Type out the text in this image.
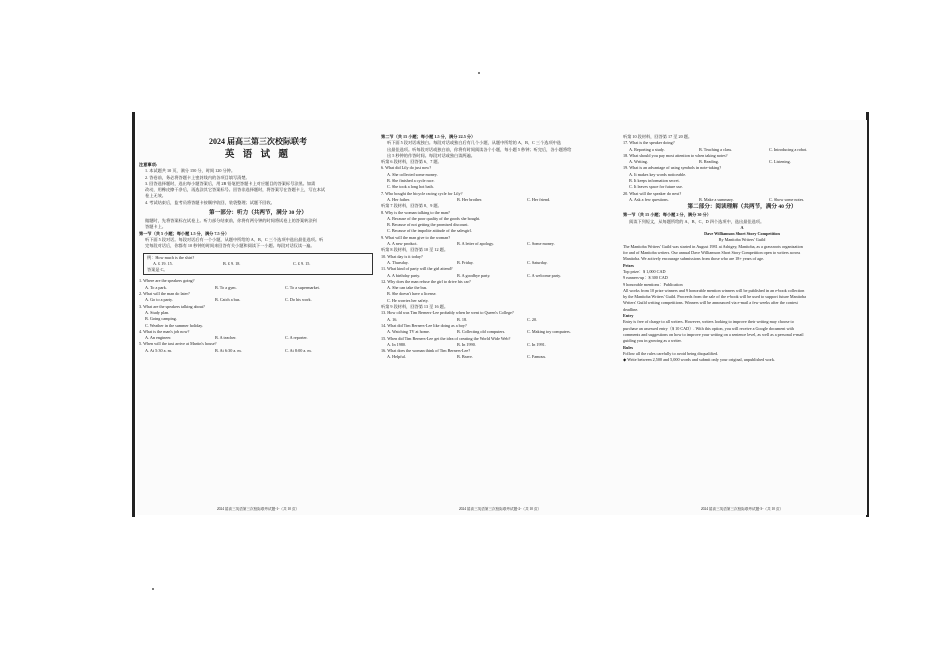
2024 届高三第三次校际联考

英 语 试 题

注意事项:

1. 本试题共 10 页，满分 150 分，时间 120 分钟。

2. 答卷前，务必将答题卡上密封线内的各项目填写清楚。

3. 回答选择题时，选出每小题答案后，用 2B 铅笔把答题卡上对应题目的答案标号涂黑。如需

改动，用橡皮擦干净后，再选涂其它答案标号。回答非选择题时，将答案写在答题卡上，写在本试

卷上无效。

4. 考试结束后，监考员将答题卡按顺序收回，装袋整理；试题不回收。

第一部分：听力（共两节，满分 30 分）

做题时，先将答案标在试卷上。听力部分结束前，你将有两分钟的时间将试卷上的答案转涂到

答题卡上。

第一节（共 5 小题；每小题 1.5 分，满分 7.5 分）

听下面 5 段对话。每段对话后有一个小题，从题中所给的 A、B、C 三个选项中选出最佳选项。听

完每段对话后，你都有 10 秒钟的时间来回答有关小题和阅读下一小题。每段对话仅读一遍。

例：How much is the shirt?

A. £ 19. 15.	B. £ 9. 18.	C. £ 9. 15.

答案是 C。

1. Where are the speakers going?

A. To a park.	B. To a gym.	C. To a supermarket.

2. What will the man do later?

A. Go to a party.	B. Catch a bus.	C. Do his work.

3. What are the speakers talking about?

A. Study plan.

B. Going camping.

C. Weather in the summer holiday.

4. What is the man's job now?

A. An engineer.	B. A teacher.	C. A reporter.

5. When will the taxi arrive at Martin's house?

A. At 5:30 a. m.	B. At 6:30 a. m.	C. At 8:00 a. m.
2024 届高三英语第三次校际联考试题-1-（共 10 页）

第二节（共 15 小题；每小题 1.5 分，满分 22.5 分）

听下面 5 段对话或独白。每段对话或独白后有几个小题，从题中所给的 A、B、C 三个选项中选

出最佳选项。听每段对话或独白前，你将有时间阅读各个小题，每小题 5 秒钟；听完后，各小题将给

出 5 秒钟的作答时间。每段对话或独白读两遍。

听第 6 段材料，回答第 6、7 题。

6. What did Lily do just now?

A. She collected some money.

B. She finished a cycle race.

C. She took a long hot bath.

7. Who bought the bicycle racing cycle for Lily?

A. Her father.	B. Her brother.	C. Her friend.

听第 7 段材料，回答第 8、9 题。

8. Why is the woman talking to the man?

A. Because of the poor quality of the goods she bought.

B. Because of not getting the promised discount.

C. Because of the impolite attitude of the salesgirl.

9. What will the man give to the woman?

A. A new product.	B. A letter of apology.	C. Some money.

听第 8 段材料，回答第 10 至 12 题。

10. What day is it today?

A. Thursday.	B. Friday.	C. Saturday.

11. What kind of party will the girl attend?

A. A birthday party.	B. A goodbye party.	C. A welcome party.

12. Why does the man refuse the girl to drive his car?

A. She can take the bus.

B. She doesn't have a license.

C. He worries her safety.

听第 9 段材料，回答第 13 至 16 题。

13. How old was Tim Berners-Lee probably when he went to Queen's College?

A. 16.	B. 18.	C. 20.

14. What did Tim Berners-Lee like doing as a boy?

A. Watching TV at home.	B. Collecting old computers.	C. Making toy computers.

15. When did Tim Berners-Lee get the idea of creating the World Wide Web?

A. In 1980.	B. In 1990.	C. In 1991.

16. What does the woman think of Tim Berners-Lee?

A. Helpful.	B. Brave.	C. Famous.
2024 届高三英语第三次校际联考试题-2-（共 10 页）

听第 10 段材料，回答第 17 至 20 题。

17. What is the speaker doing?

A. Reporting a study.	B. Teaching a class.	C. Introducing a robot.

18. What should you pay most attention to when taking notes?

A. Writing.	B. Reading.	C. Listening.

19. What is an advantage of using symbols in note-taking?

A. It makes key words noticeable.

B. It keeps information secret.

C. It leaves space for future use.

20. What will the speaker do next?

A. Ask a few questions.	B. Make a summary.	C. Show some notes.

第二部分：阅读理解（共两节，满分 40 分）

第一节（共 15 小题；每小题 2 分，满分 30 分）

阅读下列短文，从每题所给的 A、B、C、D 四个选项中，选出最佳选项。

A

Dave Williamson Short Story Competition

By Manitoba Writers' Guild

The Manitoba Writers' Guild was started in August 1981 at Ashtgey, Manitoba, as a grassroots organization

for and of Manitoba writers. Our annual Dave Williamson Short Story Competition open to writers across

Manitoba. We actively encourage submissions from those who are 18+ years of age.

Prizes

Top prize：$ 1,000 CAD

9 runners-up：$ 300 CAD

9 honorable mentions：Publication

All works from 10 prize winners and 9 honorable mention winners will be published in an e-book collection

by the Manitoba Writers' Guild. Proceeds from the sale of the e-book will be used to support future Manitoba

Writers' Guild writing competitions. Winners will be announced via e-mail a few weeks after the contest

deadline.

Entry

Entry is free of charge to all writers. However, writers looking to improve their writing may choose to

purchase an assessed entry（$ 10 CAD）. With this option, you will receive a Google document with

comments and suggestions on how to improve your writing on a sentence level, as well as a personal e-mail

guiding you in growing as a writer.

Rules

Follow all the rules carefully to avoid being disqualified.

◆ Write between 2,500 and 5,000 words and submit only your original, unpublished work.

2024 届高三英语第三次校际联考试题-3-（共 10 页）
